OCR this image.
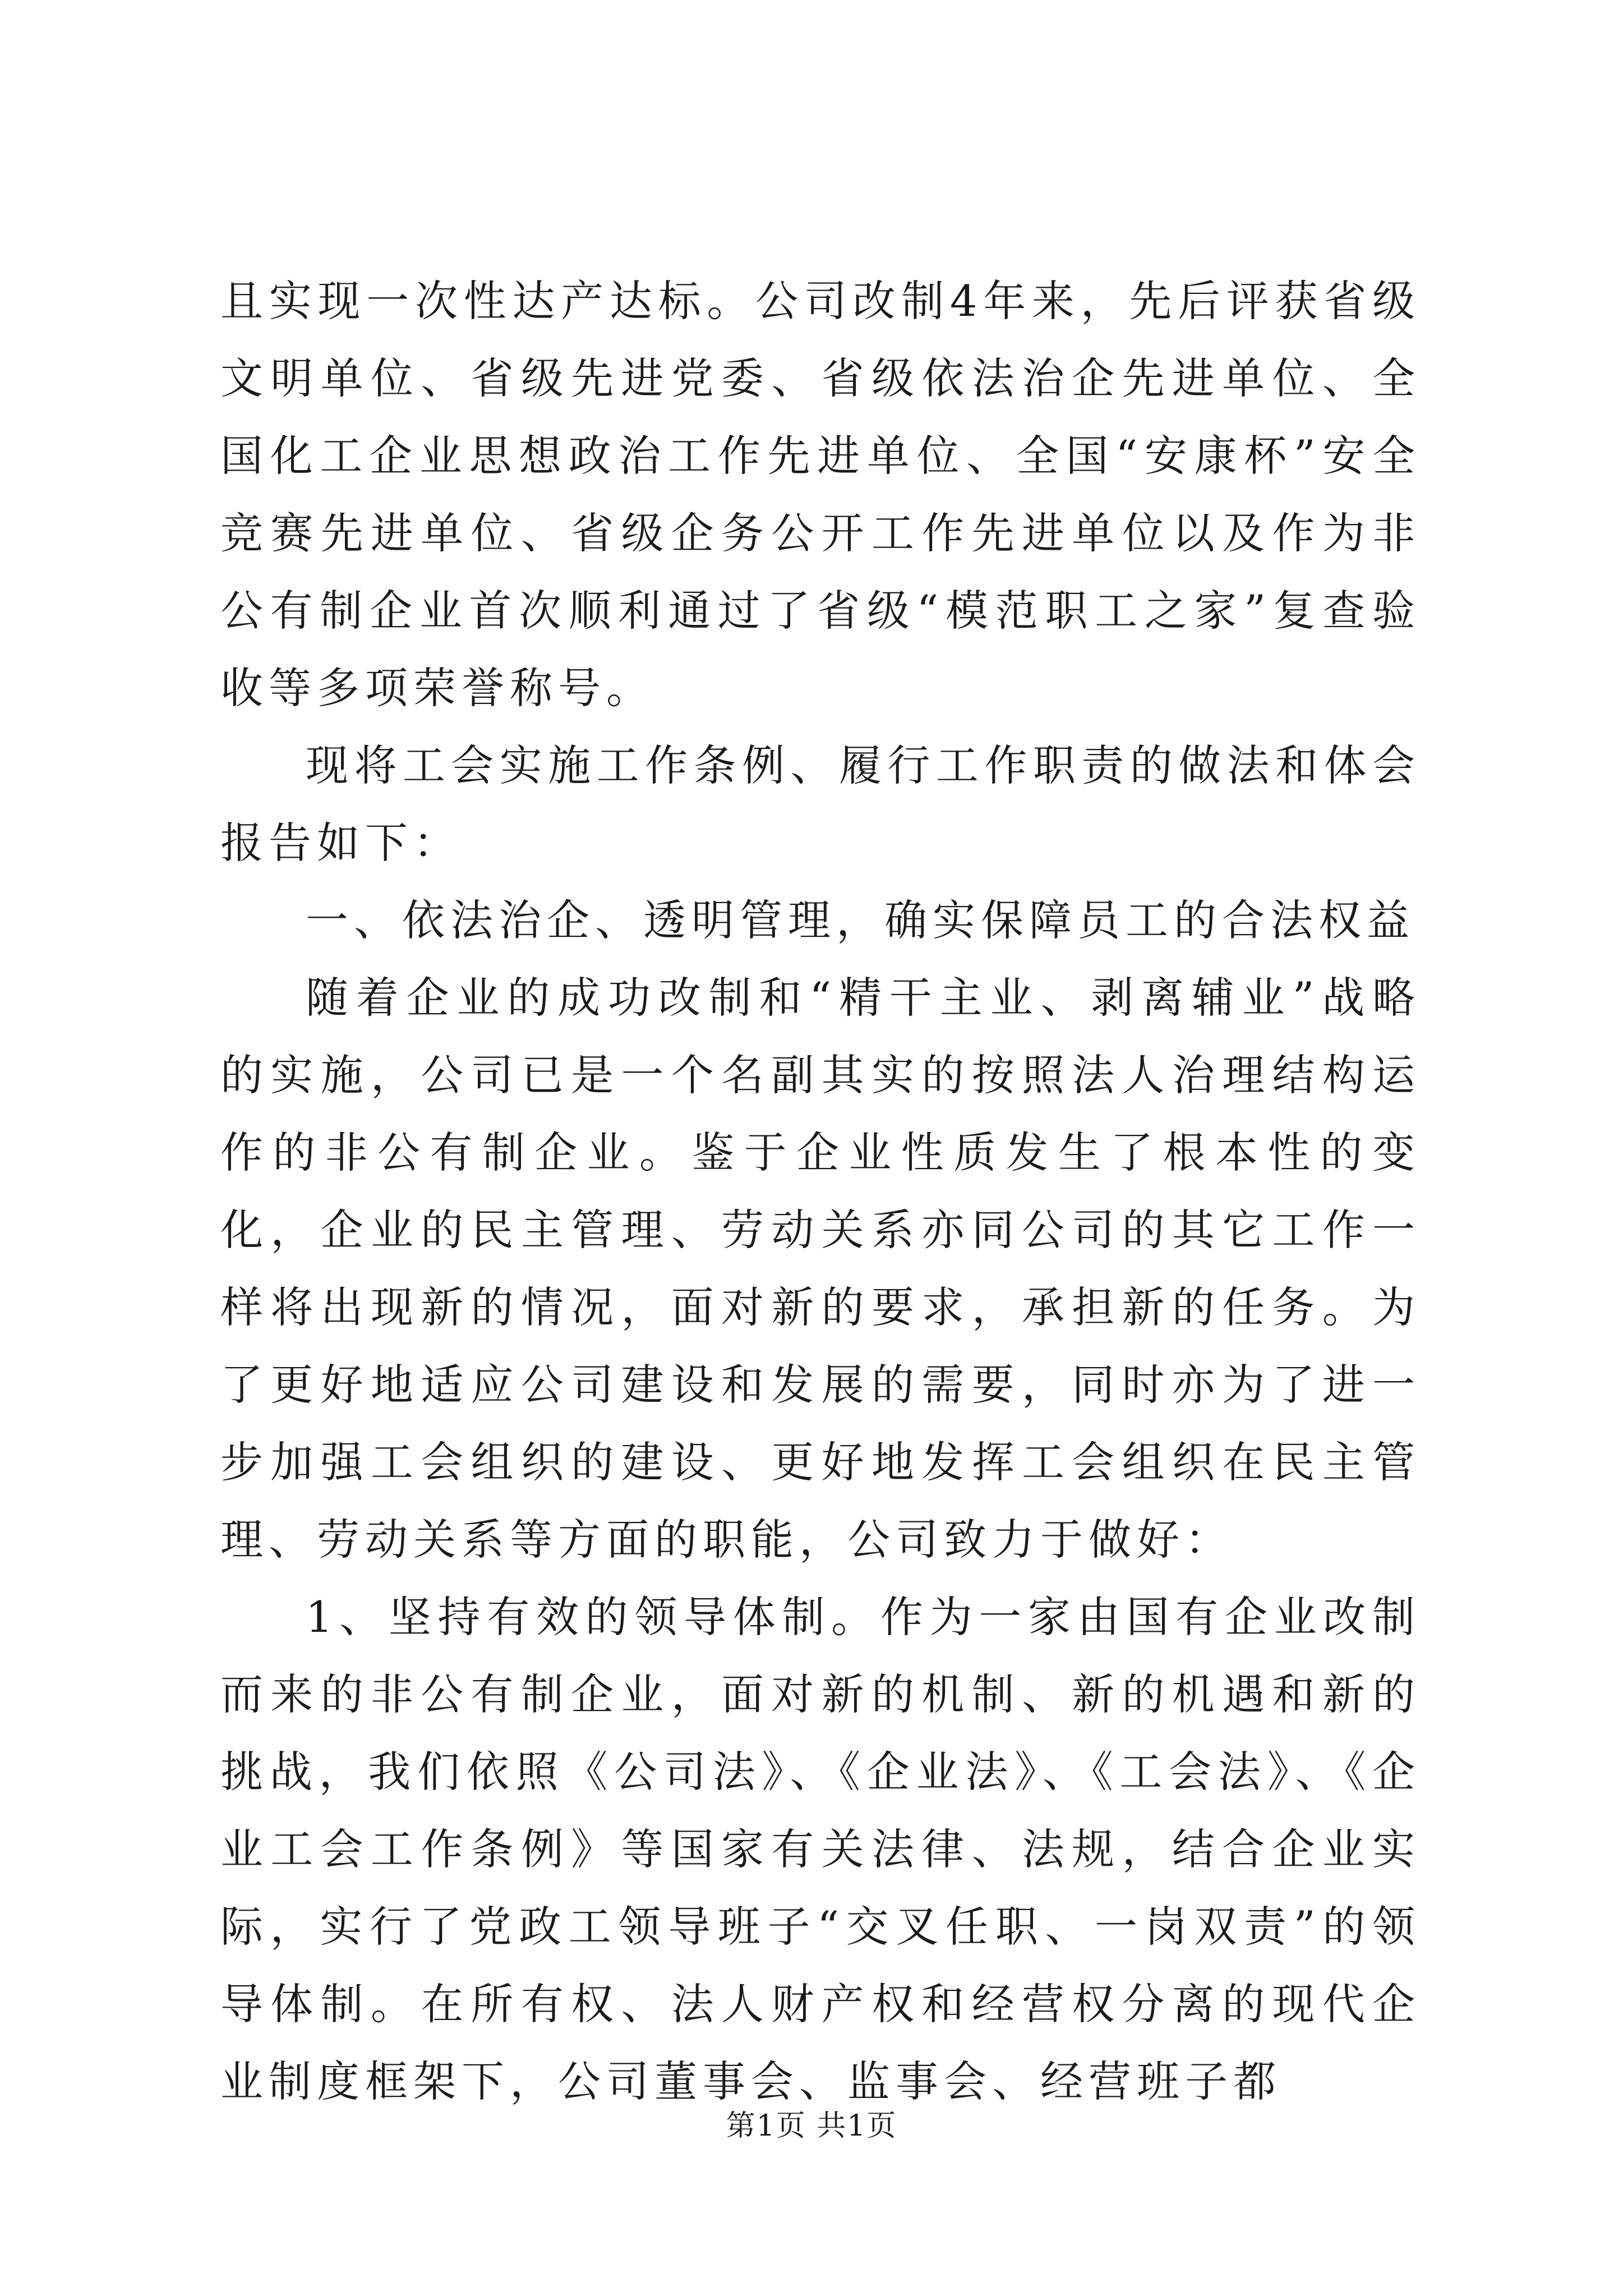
且实现一次性达产达标。公司改制4年来，先后评获省级文明单位、省级先进党委、省级依法治企先进单位、全国化工企业思想政治工作先进单位、全国“安康杯”安全竞赛先进单位、省级企务公开工作先进单位以及作为非公有制企业首次顺利通过了省级“模范职工之家”复查验收等多项荣誉称号。

现将工会实施工作条例、履行工作职责的做法和体会报告如下：

一、依法治企、透明管理，确实保障员工的合法权益

随着企业的成功改制和“精干主业、剥离辅业”战略的实施，公司已是一个名副其实的按照法人治理结构运作的非公有制企业。鉴于企业性质发生了根本性的变化，企业的民主管理、劳动关系亦同公司的其它工作一样将出现新的情况，面对新的要求，承担新的任务。为了更好地适应公司建设和发展的需要，同时亦为了进一步加强工会组织的建设、更好地发挥工会组织在民主管理、劳动关系等方面的职能，公司致力于做好：

1、坚持有效的领导体制。作为一家由国有企业改制而来的非公有制企业，面对新的机制、新的机遇和新的挑战，我们依照《公司法》、《企业法》、《工会法》、《企业工会工作条例》等国家有关法律、法规，结合企业实际，实行了党政工领导班子“交叉任职、一岗双责”的领导体制。在所有权、法人财产权和经营权分离的现代企业制度框架下，公司董事会、监事会、经营班子都

第1页 共1页
